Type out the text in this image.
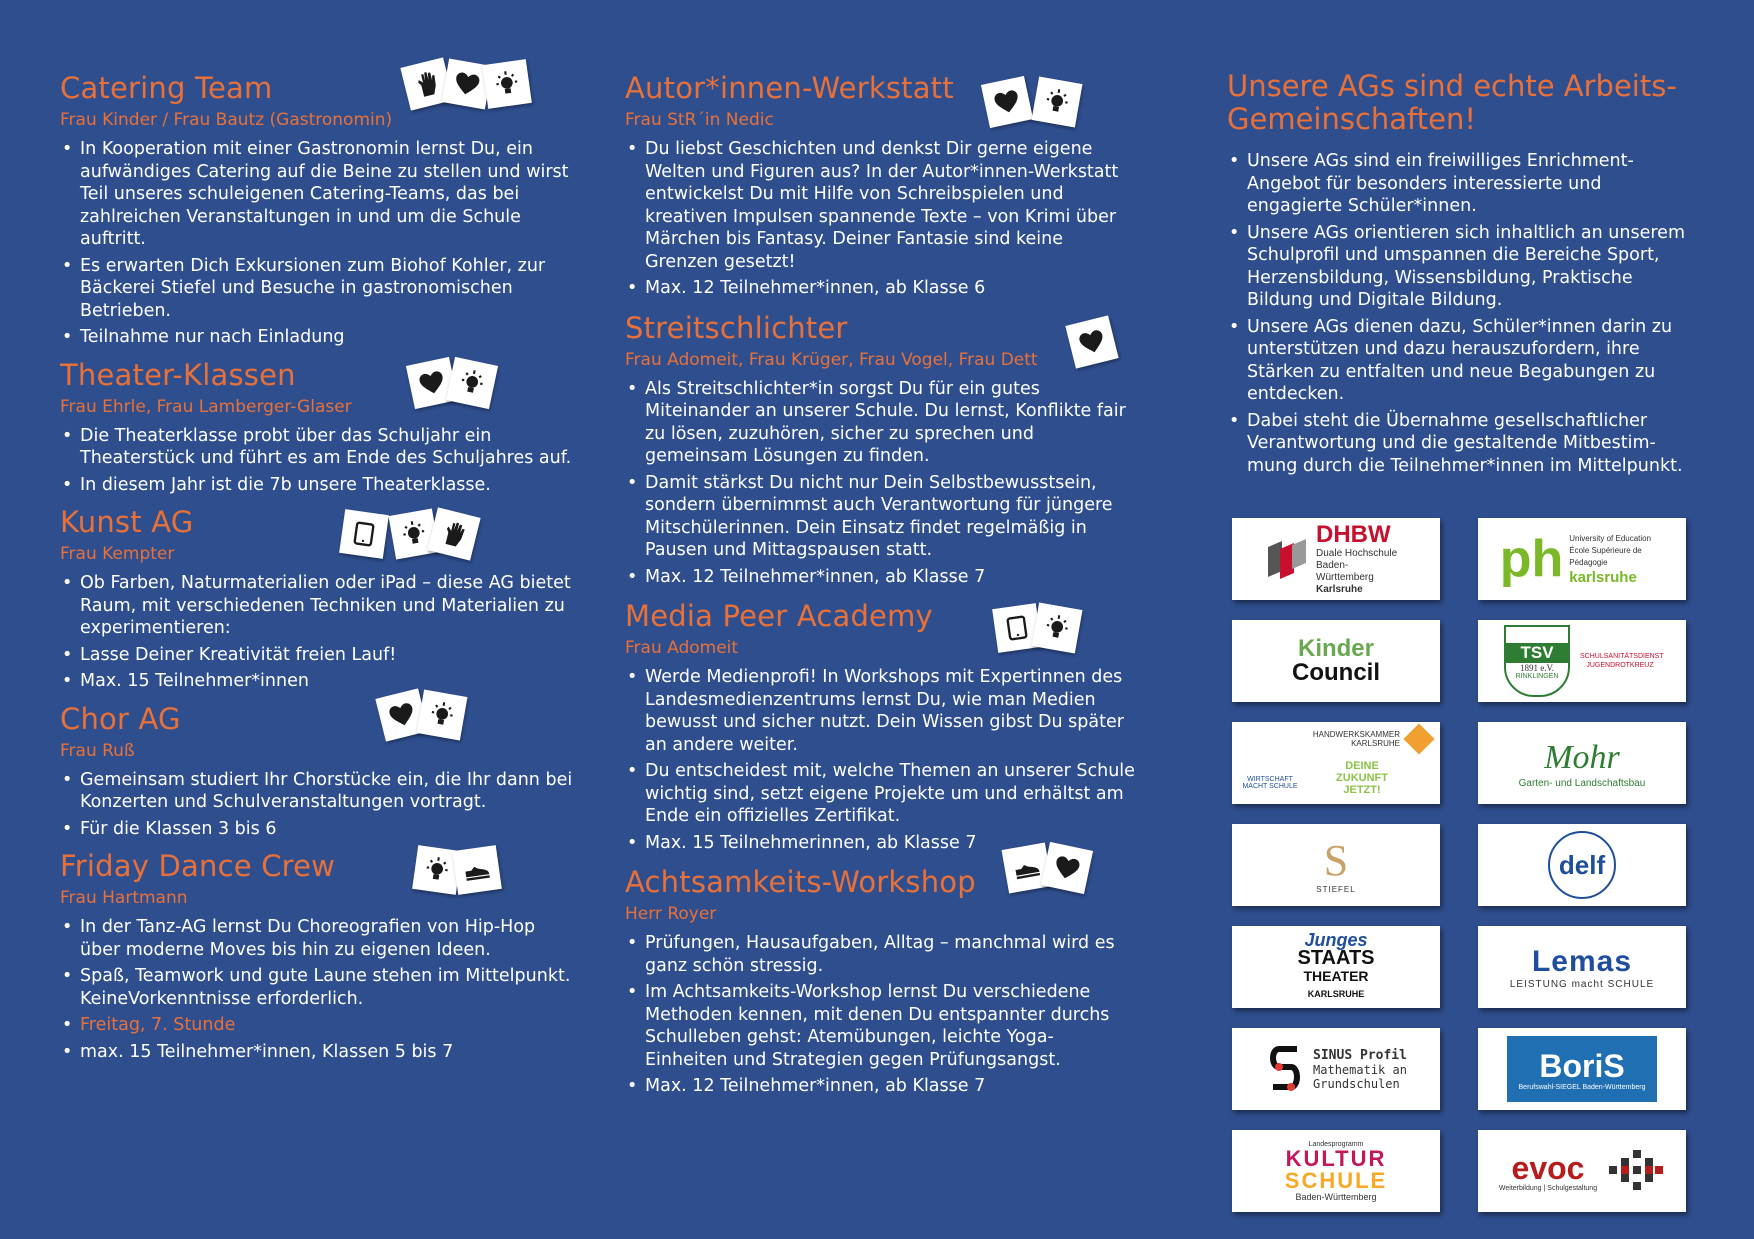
Catering Team
Frau Kinder / Frau Bautz (Gastronomin)
• In Kooperation mit einer Gastronomin lernst Du, ein aufwändiges Catering auf die Beine zu stellen und wirst Teil unseres schuleigenen Catering-Teams, das bei zahlreichen Veranstaltungen in und um die Schule auftritt.
• Es erwarten Dich Exkursionen zum Biohof Kohler, zur Bäckerei Stiefel und Besuche in gastronomischen Betrieben.
• Teilnahme nur nach Einladung
Theater-Klassen
Frau Ehrle, Frau Lamberger-Glaser
• Die Theaterklasse probt über das Schuljahr ein Theaterstück und führt es am Ende des Schuljahres auf.
• In diesem Jahr ist die 7b unsere Theaterklasse.
Kunst AG
Frau Kempter
• Ob Farben, Naturmaterialien oder iPad – diese AG bietet Raum, mit verschiedenen Techniken und Materialien zu experimentieren:
• Lasse Deiner Kreativität freien Lauf!
• Max. 15 Teilnehmer*innen
Chor AG
Frau Ruß
• Gemeinsam studiert Ihr Chorstücke ein, die Ihr dann bei Konzerten und Schulveranstaltungen vortragt.
• Für die Klassen 3 bis 6
Friday Dance Crew
Frau Hartmann
• In der Tanz-AG lernst Du Choreografien von Hip-Hop über moderne Moves bis hin zu eigenen Ideen.
• Spaß, Teamwork und gute Laune stehen im Mittelpunkt. KeineVorkenntnisse erforderlich.
• Freitag, 7. Stunde
• max. 15 Teilnehmer*innen, Klassen 5 bis 7
Autor*innen-Werkstatt
Frau StR´in Nedic
• Du liebst Geschichten und denkst Dir gerne eigene Welten und Figuren aus? In der Autor*innen-Werkstatt entwickelst Du mit Hilfe von Schreibspielen und kreativen Impulsen spannende Texte – von Krimi über Märchen bis Fantasy. Deiner Fantasie sind keine Grenzen gesetzt!
• Max. 12 Teilnehmer*innen, ab Klasse 6
Streitschlichter
Frau Adomeit, Frau Krüger, Frau Vogel, Frau Dett
• Als Streitschlichter*in sorgst Du für ein gutes Miteinander an unserer Schule. Du lernst, Konflikte fair zu lösen, zuzuhören, sicher zu sprechen und gemeinsam Lösungen zu finden.
• Damit stärkst Du nicht nur Dein Selbstbewusstsein, sondern übernimmst auch Verantwortung für jüngere Mitschülerinnen. Dein Einsatz findet regelmäßig in Pausen und Mittagspausen statt.
• Max. 12 Teilnehmer*innen, ab Klasse 7
Media Peer Academy
Frau Adomeit
• Werde Medienprofi! In Workshops mit Expertinnen des Landesmedienzentrums lernst Du, wie man Medien bewusst und sicher nutzt. Dein Wissen gibst Du später an andere weiter.
• Du entscheidest mit, welche Themen an unserer Schule wichtig sind, setzt eigene Projekte um und erhältst am Ende ein offizielles Zertifikat.
• Max. 15 Teilnehmerinnen, ab Klasse 7
Achtsamkeits-Workshop
Herr Royer
• Prüfungen, Hausaufgaben, Alltag – manchmal wird es ganz schön stressig.
• Im Achtsamkeits-Workshop lernst Du verschiedene Methoden kennen, mit denen Du entspannter durchs Schulleben gehst: Atemübungen, leichte Yoga-Einheiten und Strategien gegen Prüfungsangst.
• Max. 12 Teilnehmer*innen, ab Klasse 7
Unsere AGs sind echte Arbeits-Gemeinschaften!
• Unsere AGs sind ein freiwilliges Enrichment-Angebot für besonders interessierte und engagierte Schüler*innen.
• Unsere AGs orientieren sich inhaltlich an unserem Schulprofil und umspannen die Bereiche Sport, Herzensbildung, Wissensbildung, Praktische Bildung und Digitale Bildung.
• Unsere AGs dienen dazu, Schüler*innen darin zu unterstützen und dazu herauszufordern, ihre Stärken zu entfalten und neue Begabungen zu entdecken.
• Dabei steht die Übernahme gesellschaftlicher Verantwortung und die gestaltende Mitbestim-mung durch die Teilnehmer*innen im Mittelpunkt.
DHBW
Duale Hochschule Baden-Württemberg
Karlsruhe
ph University of Education École Supérieure de Pédagogie
karlsruhe
Kinder
Council
TSV
1891 e.V.
RINKLINGEN
SCHULSANITÄTSDIENST JUGENDROTKREUZ
HANDWERKSKAMMER KARLSRUHE
WIRTSCHAFT MACHT SCHULE
DEINE ZUKUNFT JETZT!
Mohr
Garten- und Landschaftsbau
S
STIEFEL
delf
Junges
STAATS
THEATER
KARLSRUHE
Lemas
LEISTUNG macht SCHULE
SINUS Profil
Mathematik an
Grundschulen	BoriS
Berufswahl-SIEGEL Baden-Württemberg
Landesprogramm
KULTUR
SCHULE
Baden-Württemberg
evoc
Weiterbildung | Schulgestaltung
